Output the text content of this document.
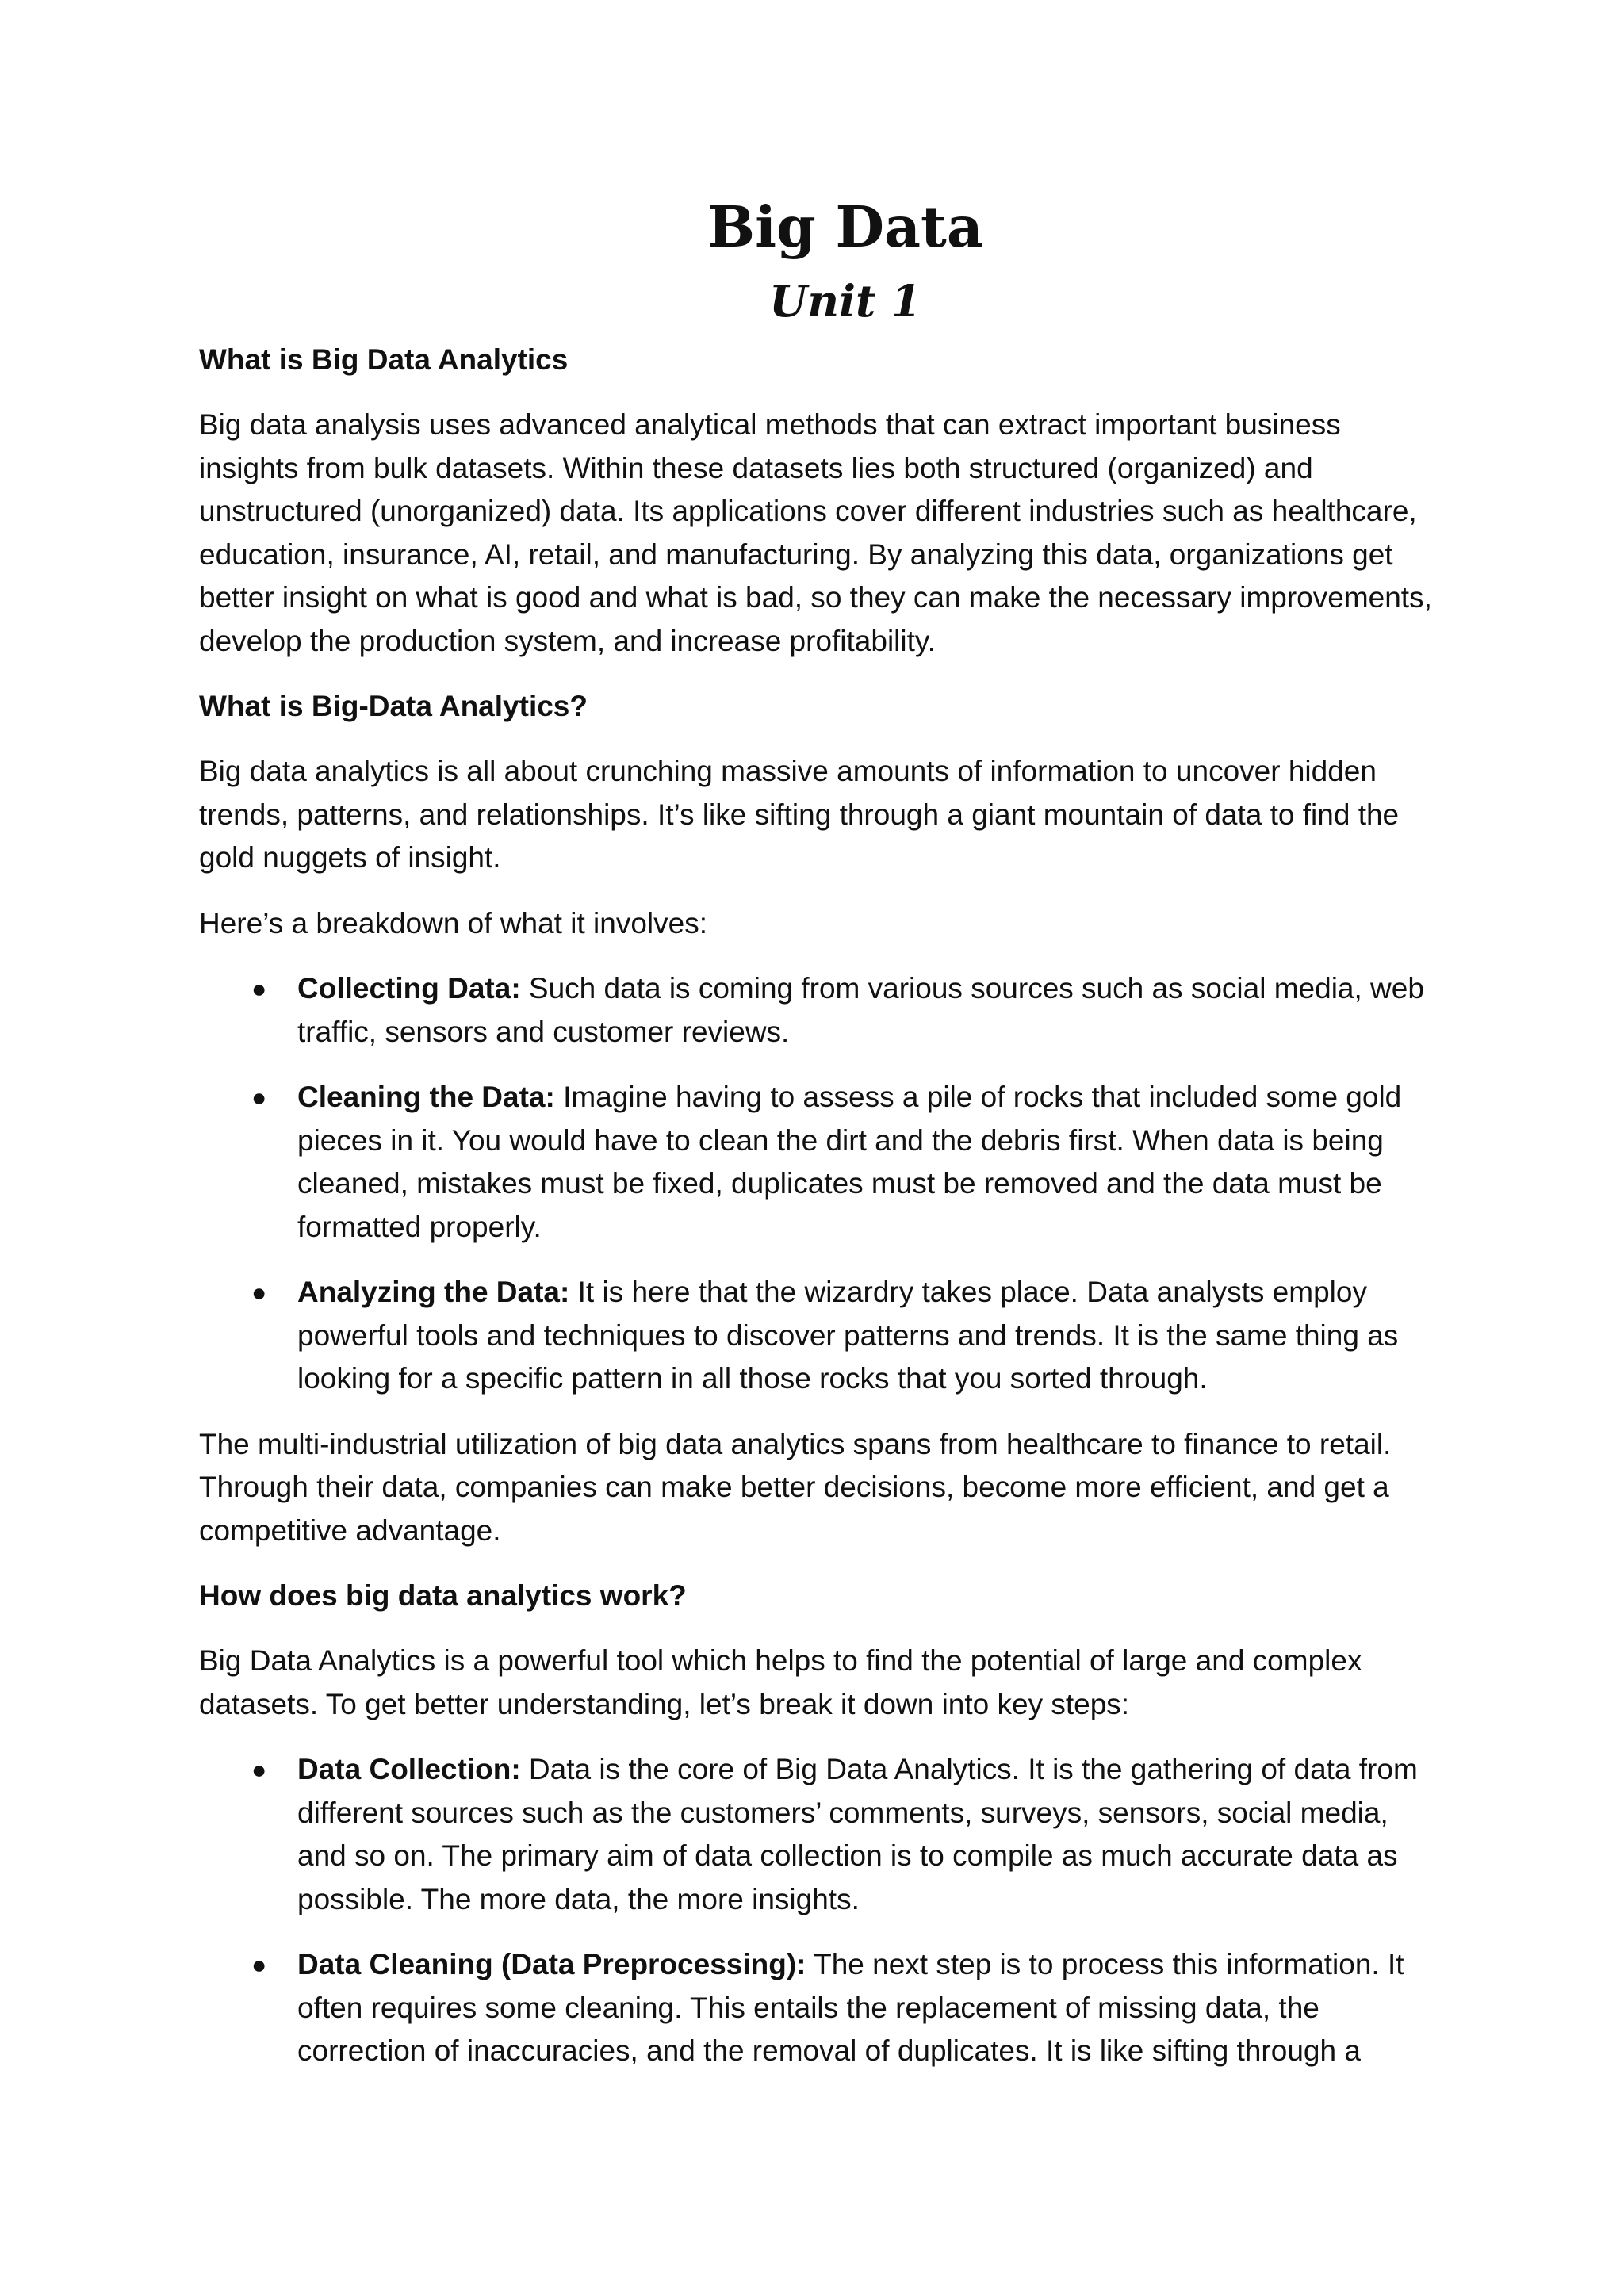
Big Data
Unit 1

What is Big Data Analytics

Big data analysis uses advanced analytical methods that can extract important business insights from bulk datasets. Within these datasets lies both structured (organized) and unstructured (unorganized) data. Its applications cover different industries such as healthcare, education, insurance, AI, retail, and manufacturing. By analyzing this data, organizations get better insight on what is good and what is bad, so they can make the necessary improvements, develop the production system, and increase profitability.

What is Big-Data Analytics?

Big data analytics is all about crunching massive amounts of information to uncover hidden trends, patterns, and relationships. It’s like sifting through a giant mountain of data to find the gold nuggets of insight.

Here’s a breakdown of what it involves:

● Collecting Data: Such data is coming from various sources such as social media, web traffic, sensors and customer reviews.
● Cleaning the Data: Imagine having to assess a pile of rocks that included some gold pieces in it. You would have to clean the dirt and the debris first. When data is being cleaned, mistakes must be fixed, duplicates must be removed and the data must be formatted properly.
● Analyzing the Data: It is here that the wizardry takes place. Data analysts employ powerful tools and techniques to discover patterns and trends. It is the same thing as looking for a specific pattern in all those rocks that you sorted through.

The multi-industrial utilization of big data analytics spans from healthcare to finance to retail. Through their data, companies can make better decisions, become more efficient, and get a competitive advantage.

How does big data analytics work?

Big Data Analytics is a powerful tool which helps to find the potential of large and complex datasets. To get better understanding, let’s break it down into key steps:

● Data Collection: Data is the core of Big Data Analytics. It is the gathering of data from different sources such as the customers’ comments, surveys, sensors, social media, and so on. The primary aim of data collection is to compile as much accurate data as possible. The more data, the more insights.
● Data Cleaning (Data Preprocessing): The next step is to process this information. It often requires some cleaning. This entails the replacement of missing data, the correction of inaccuracies, and the removal of duplicates. It is like sifting through a
